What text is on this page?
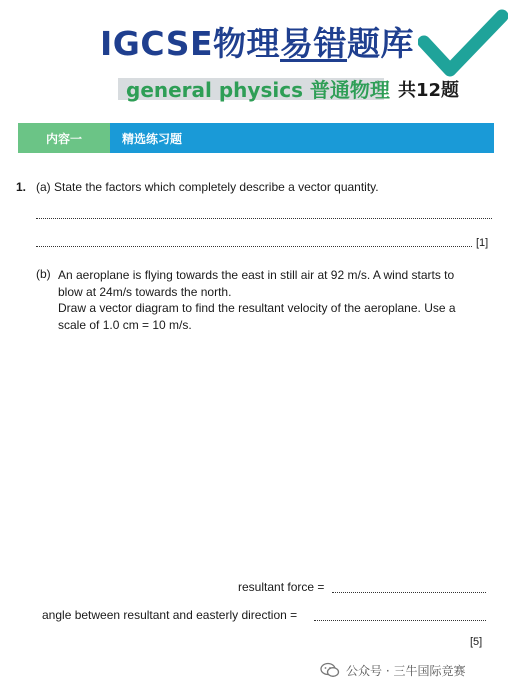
IGCSE物理易错题库
general physics 普通物理 共12题
内容一	精选练习题
1. (a) State the factors which completely describe a vector quantity.
[1]
(b) An aeroplane is flying towards the east in still air at 92 m/s. A wind starts to
blow at 24m/s towards the north.
Draw a vector diagram to find the resultant velocity of the aeroplane. Use a
scale of 1.0 cm = 10 m/s.
resultant force =
angle between resultant and easterly direction =
[5]
公众号 · 三牛国际竞赛
